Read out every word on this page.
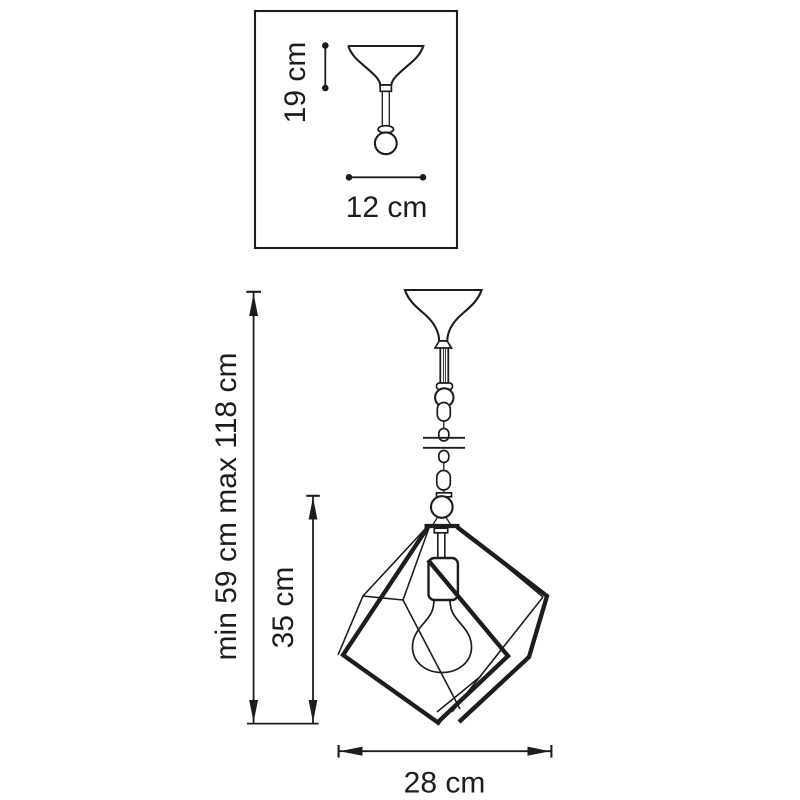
19 cm
12 cm
min 59 cm max 118 cm 35 cm
28 cm
